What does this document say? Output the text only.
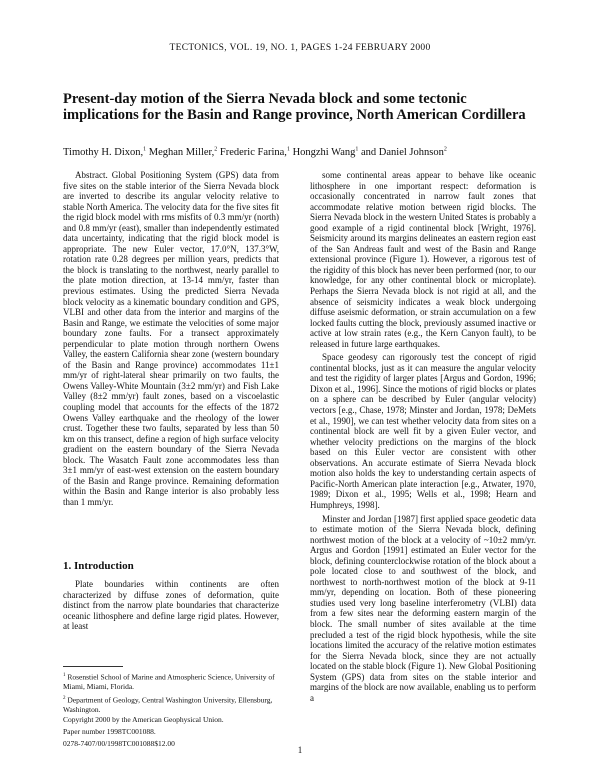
TECTONICS, VOL. 19, NO. 1, PAGES 1-24 FEBRUARY 2000
Present-day motion of the Sierra Nevada block and some tectonic implications for the Basin and Range province, North American Cordillera
Timothy H. Dixon,$^1$ Meghan Miller,$^2$ Frederic Farina,$^1$ Hongzhi Wang$^1$ and Daniel Johnson$^2$

Abstract. Global Positioning System (GPS) data from five sites on the stable interior of the Sierra Nevada block are inverted to describe its angular velocity relative to stable North America. The velocity data for the five sites fit the rigid block model with rms misfits of 0.3 mm/yr (north) and 0.8 mm/yr (east), smaller than independently estimated data uncertainty, indicating that the rigid block model is appropriate. The new Euler vector, 17.0°N, 137.3°W, rotation rate 0.28 degrees per million years, predicts that the block is translating to the northwest, nearly parallel to the plate motion direction, at 13-14 mm/yr, faster than previous estimates. Using the predicted Sierra Nevada block velocity as a kinematic boundary condition and GPS, VLBI and other data from the interior and margins of the Basin and Range, we estimate the velocities of some major boundary zone faults. For a transect approximately perpendicular to plate motion through northern Owens Valley, the eastern California shear zone (western boundary of the Basin and Range province) accommodates 11±1 mm/yr of right-lateral shear primarily on two faults, the Owens Valley-White Mountain (3±2 mm/yr) and Fish Lake Valley (8±2 mm/yr) fault zones, based on a viscoelastic coupling model that accounts for the effects of the 1872 Owens Valley earthquake and the rheology of the lower crust. Together these two faults, separated by less than 50 km on this transect, define a region of high surface velocity gradient on the eastern boundary of the Sierra Nevada block. The Wasatch Fault zone accommodates less than 3±1 mm/yr of east-west extension on the eastern boundary of the Basin and Range province. Remaining deformation within the Basin and Range interior is also probably less than 1 mm/yr.

1. Introduction
Plate boundaries within continents are often characterized by diffuse zones of deformation, quite distinct from the narrow plate boundaries that characterize oceanic lithosphere and define large rigid plates. However, at least
$^1$ Rosenstiel School of Marine and Atmospheric Science, University of Miami, Miami, Florida.
$^2$ Department of Geology, Central Washington University, Ellensburg, Washington.
Copyright 2000 by the American Geophysical Union.
Paper number 1998TC001088.
0278-7407/00/1998TC001088$12.00

some continental areas appear to behave like oceanic lithosphere in one important respect: deformation is occasionally concentrated in narrow fault zones that accommodate relative motion between rigid blocks. The Sierra Nevada block in the western United States is probably a good example of a rigid continental block [Wright, 1976]. Seismicity around its margins delineates an eastern region east of the San Andreas fault and west of the Basin and Range extensional province (Figure 1). However, a rigorous test of the rigidity of this block has never been performed (nor, to our knowledge, for any other continental block or microplate). Perhaps the Sierra Nevada block is not rigid at all, and the absence of seismicity indicates a weak block undergoing diffuse aseismic deformation, or strain accumulation on a few locked faults cutting the block, previously assumed inactive or active at low strain rates (e.g., the Kern Canyon fault), to be released in future large earthquakes.

Space geodesy can rigorously test the concept of rigid continental blocks, just as it can measure the angular velocity and test the rigidity of larger plates [Argus and Gordon, 1996; Dixon et al., 1996]. Since the motions of rigid blocks or plates on a sphere can be described by Euler (angular velocity) vectors [e.g., Chase, 1978; Minster and Jordan, 1978; DeMets et al., 1990], we can test whether velocity data from sites on a continental block are well fit by a given Euler vector, and whether velocity predictions on the margins of the block based on this Euler vector are consistent with other observations. An accurate estimate of Sierra Nevada block motion also holds the key to understanding certain aspects of Pacific-North American plate interaction [e.g., Atwater, 1970, 1989; Dixon et al., 1995; Wells et al., 1998; Hearn and Humphreys, 1998].

Minster and Jordan [1987] first applied space geodetic data to estimate motion of the Sierra Nevada block, defining northwest motion of the block at a velocity of ~10±2 mm/yr. Argus and Gordon [1991] estimated an Euler vector for the block, defining counterclockwise rotation of the block about a pole located close to and southwest of the block, and northwest to north-northwest motion of the block at 9-11 mm/yr, depending on location. Both of these pioneering studies used very long baseline interferometry (VLBI) data from a few sites near the deforming eastern margin of the block. The small number of sites available at the time precluded a test of the rigid block hypothesis, while the site locations limited the accuracy of the relative motion estimates for the Sierra Nevada block, since they are not actually located on the stable block (Figure 1). New Global Positioning System (GPS) data from sites on the stable interior and margins of the block are now available, enabling us to perform a

1
